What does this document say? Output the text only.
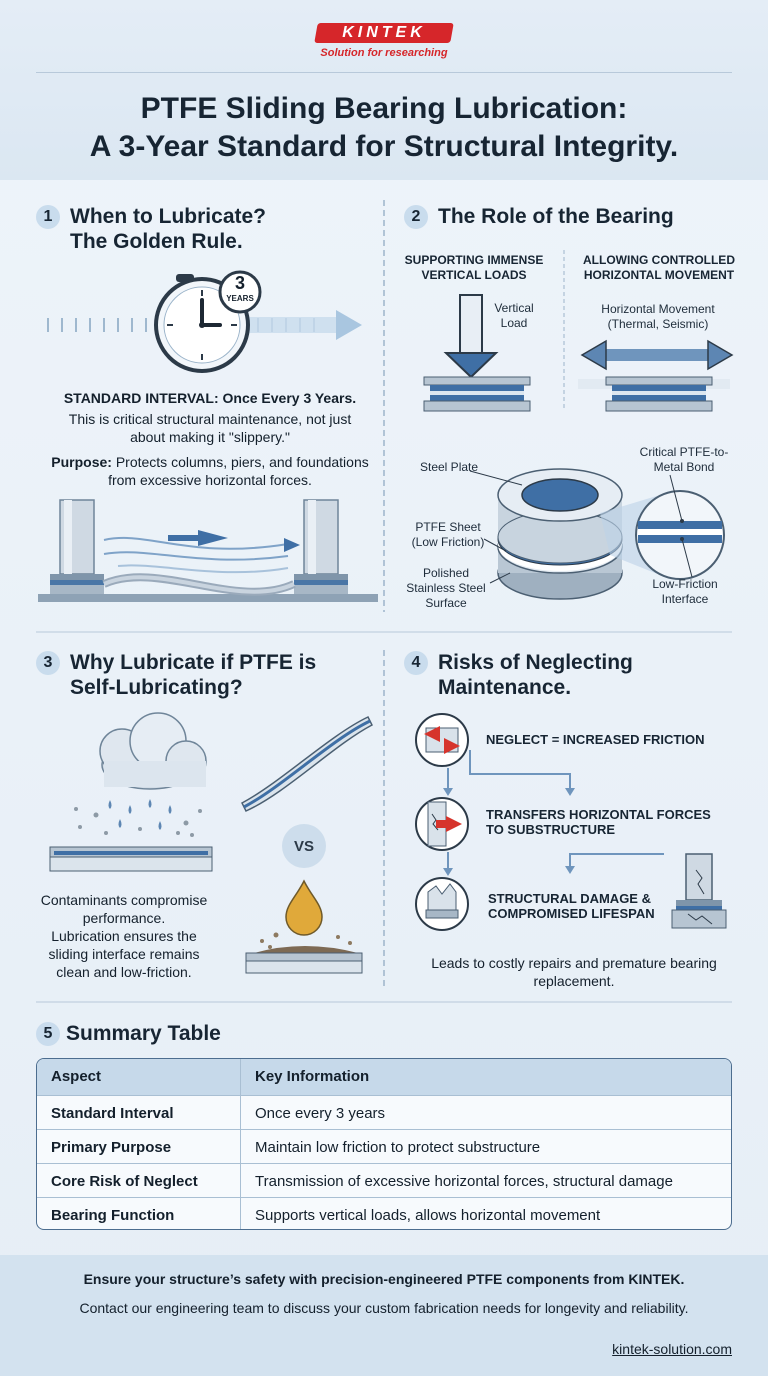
KINTEK
Solution for researching
PTFE Sliding Bearing Lubrication:
A 3-Year Standard for Structural Integrity.
1 When to Lubricate?
The Golden Rule.
3
YEARS
STANDARD INTERVAL: Once Every 3 Years.
This is critical structural maintenance, not just
about making it "slippery."
Purpose: Protects columns, piers, and foundations
from excessive horizontal forces.
2 The Role of the Bearing
SUPPORTING IMMENSE
VERTICAL LOADS
ALLOWING CONTROLLED
HORIZONTAL MOVEMENT
Vertical
Load
Horizontal Movement
(Thermal, Seismic)
Steel Plate
PTFE Sheet
(Low Friction)
Polished
Stainless Steel
Surface
Critical PTFE-to-
Metal Bond
Low-Friction
Interface
3 Why Lubricate if PTFE is
Self-Lubricating?
VS
Contaminants compromise
performance.
Lubrication ensures the
sliding interface remains
clean and low-friction.
4 Risks of Neglecting
Maintenance.
NEGLECT = INCREASED FRICTION
TRANSFERS HORIZONTAL FORCES
TO SUBSTRUCTURE
STRUCTURAL DAMAGE &
COMPROMISED LIFESPAN
Leads to costly repairs and premature bearing
replacement.
5 Summary Table
Aspect	Key Information
Standard Interval	Once every 3 years
Primary Purpose	Maintain low friction to protect substructure
Core Risk of Neglect	Transmission of excessive horizontal forces, structural damage
Bearing Function	Supports vertical loads, allows horizontal movement
Ensure your structure’s safety with precision-engineered PTFE components from KINTEK.
Contact our engineering team to discuss your custom fabrication needs for longevity and reliability.
kintek-solution.com
